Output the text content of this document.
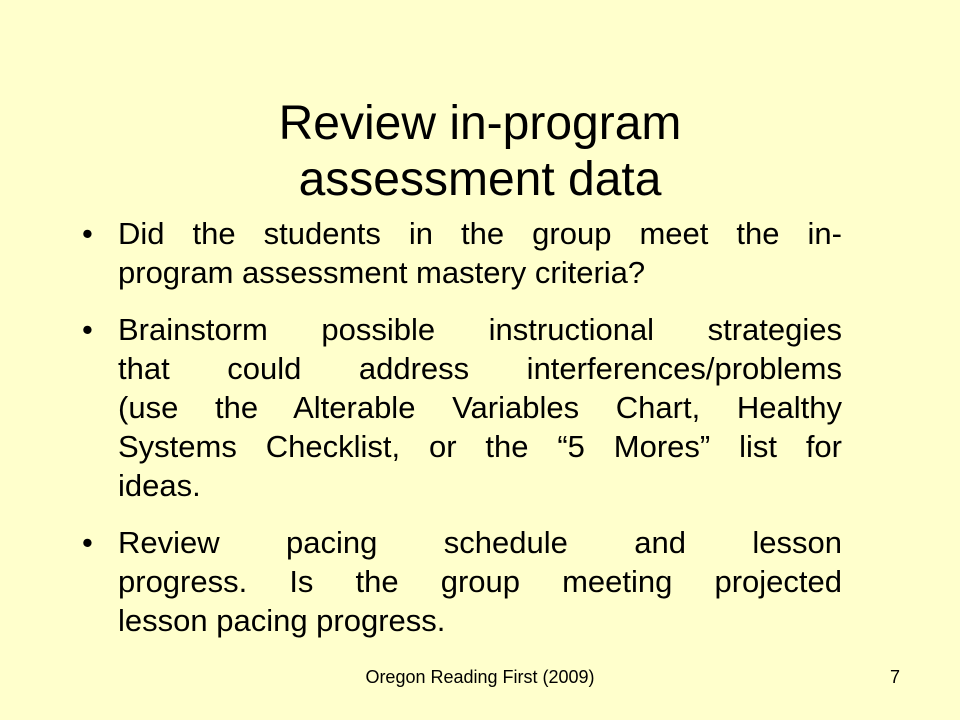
Review in-program
assessment data
• Did the students in the group meet the in-
program assessment mastery criteria?
• Brainstorm possible instructional strategies
that could address interferences/problems
(use the Alterable Variables Chart, Healthy
Systems Checklist, or the “5 Mores” list for
ideas.
• Review pacing schedule and lesson
progress. Is the group meeting projected
lesson pacing progress.
Oregon Reading First (2009)	7
